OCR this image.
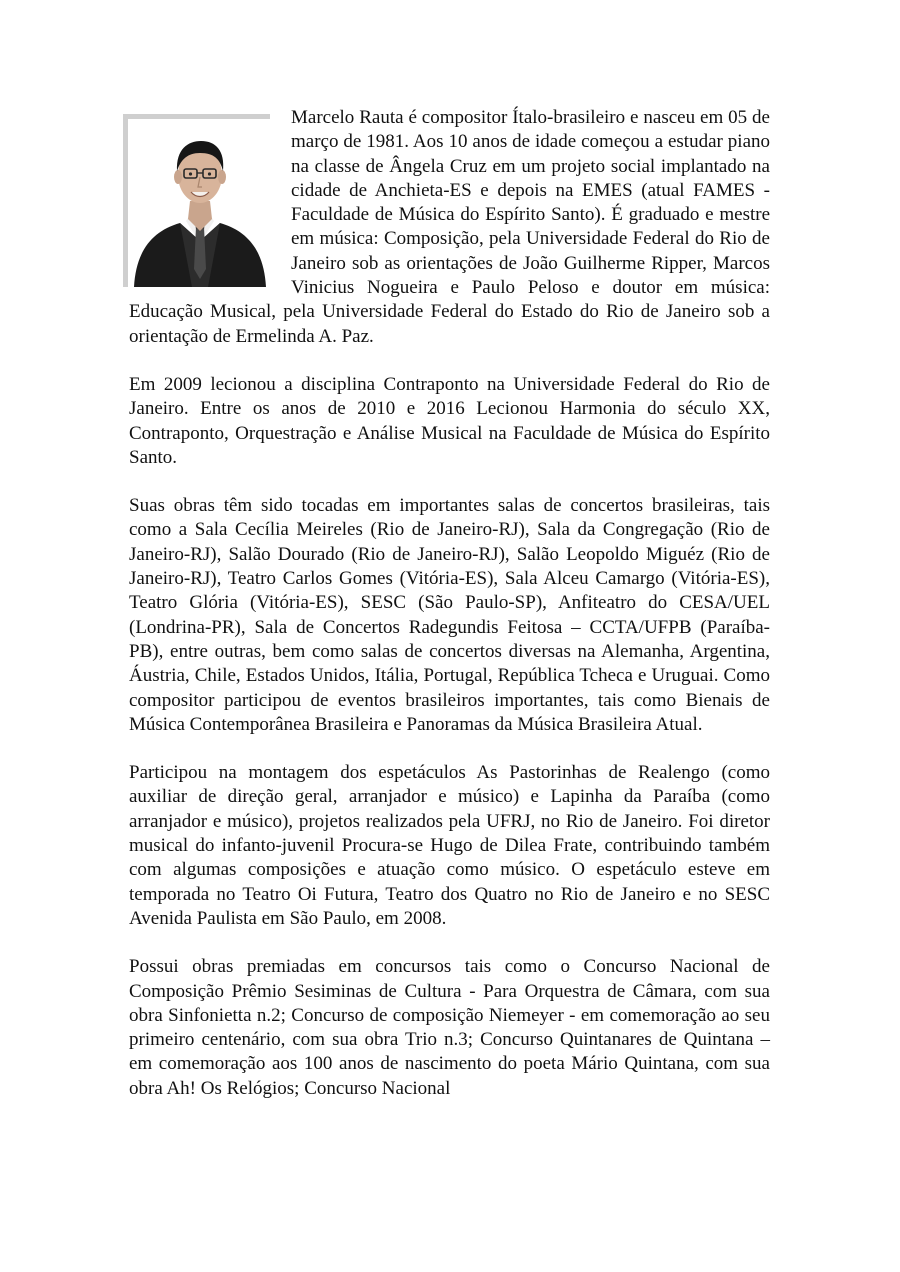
Marcelo Rauta é compositor Ítalo-brasileiro e nasceu em 05 de março de 1981. Aos 10 anos de idade começou a estudar piano na classe de Ângela Cruz em um projeto social implantado na cidade de Anchieta-ES e depois na EMES (atual FAMES - Faculdade de Música do Espírito Santo). É graduado e mestre em música: Composição, pela Universidade Federal do Rio de Janeiro sob as orientações de João Guilherme Ripper, Marcos Vinicius Nogueira e Paulo Peloso e doutor em música: Educação Musical, pela Universidade Federal do Estado do Rio de Janeiro sob a orientação de Ermelinda A. Paz.

Em 2009 lecionou a disciplina Contraponto na Universidade Federal do Rio de Janeiro. Entre os anos de 2010 e 2016 Lecionou Harmonia do século XX, Contraponto, Orquestração e Análise Musical na Faculdade de Música do Espírito Santo.

Suas obras têm sido tocadas em importantes salas de concertos brasileiras, tais como a Sala Cecília Meireles (Rio de Janeiro-RJ), Sala da Congregação (Rio de Janeiro-RJ), Salão Dourado (Rio de Janeiro-RJ), Salão Leopoldo Miguéz (Rio de Janeiro-RJ), Teatro Carlos Gomes (Vitória-ES), Sala Alceu Camargo (Vitória-ES), Teatro Glória (Vitória-ES), SESC (São Paulo-SP), Anfiteatro do CESA/UEL (Londrina-PR), Sala de Concertos Radegundis Feitosa – CCTA/UFPB (Paraíba-PB), entre outras, bem como salas de concertos diversas na Alemanha, Argentina, Áustria, Chile, Estados Unidos, Itália, Portugal, República Tcheca e Uruguai. Como compositor participou de eventos brasileiros importantes, tais como Bienais de Música Contemporânea Brasileira e Panoramas da Música Brasileira Atual.

Participou na montagem dos espetáculos As Pastorinhas de Realengo (como auxiliar de direção geral, arranjador e músico) e Lapinha da Paraíba (como arranjador e músico), projetos realizados pela UFRJ, no Rio de Janeiro. Foi diretor musical do infanto-juvenil Procura-se Hugo de Dilea Frate, contribuindo também com algumas composições e atuação como músico. O espetáculo esteve em temporada no Teatro Oi Futura, Teatro dos Quatro no Rio de Janeiro e no SESC Avenida Paulista em São Paulo, em 2008.

Possui obras premiadas em concursos tais como o Concurso Nacional de Composição Prêmio Sesiminas de Cultura - Para Orquestra de Câmara, com sua obra Sinfonietta n.2; Concurso de composição Niemeyer - em comemoração ao seu primeiro centenário, com sua obra Trio n.3; Concurso Quintanares de Quintana – em comemoração aos 100 anos de nascimento do poeta Mário Quintana, com sua obra Ah! Os Relógios; Concurso Nacional
